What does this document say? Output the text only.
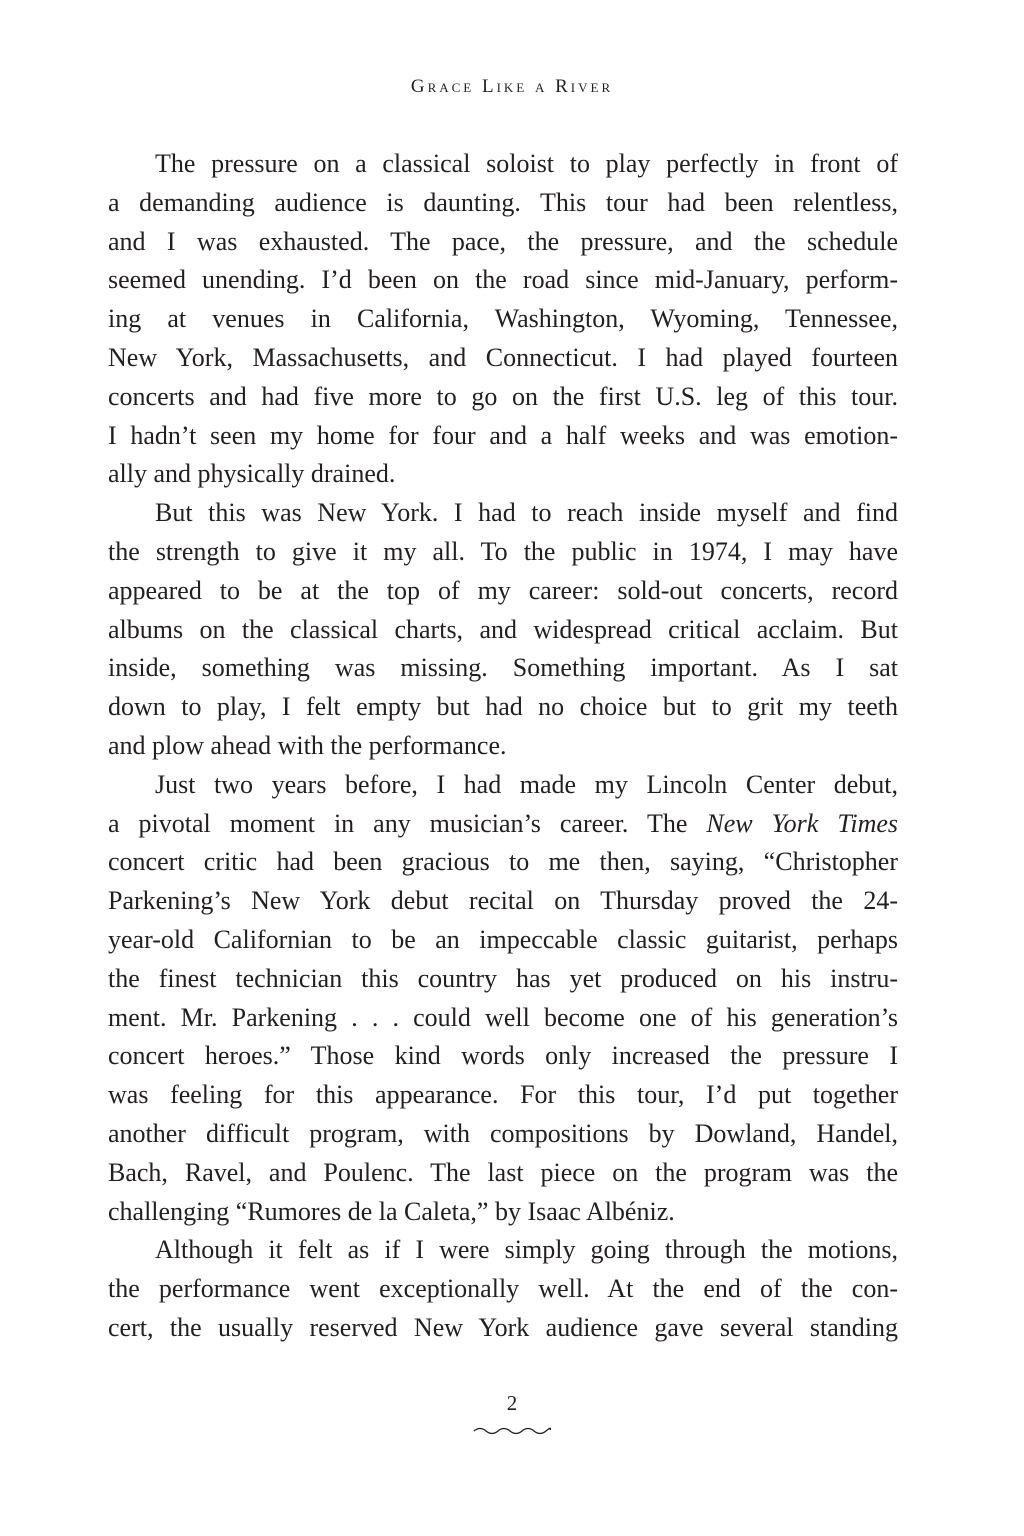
Grace Like a River
The pressure on a classical soloist to play perfectly in front of
a demanding audience is daunting. This tour had been relentless,
and I was exhausted. The pace, the pressure, and the schedule
seemed unending. I’d been on the road since mid-January, perform-
ing at venues in California, Washington, Wyoming, Tennessee,
New York, Massachusetts, and Connecticut. I had played fourteen
concerts and had five more to go on the first U.S. leg of this tour.
I hadn’t seen my home for four and a half weeks and was emotion-
ally and physically drained.
But this was New York. I had to reach inside myself and find
the strength to give it my all. To the public in 1974, I may have
appeared to be at the top of my career: sold-out concerts, record
albums on the classical charts, and widespread critical acclaim. But
inside, something was missing. Something important. As I sat
down to play, I felt empty but had no choice but to grit my teeth
and plow ahead with the performance.
Just two years before, I had made my Lincoln Center debut,
a pivotal moment in any musician’s career. The New York Times
concert critic had been gracious to me then, saying, “Christopher
Parkening’s New York debut recital on Thursday proved the 24-
year-old Californian to be an impeccable classic guitarist, perhaps
the finest technician this country has yet produced on his instru-
ment. Mr. Parkening . . . could well become one of his generation’s
concert heroes.” Those kind words only increased the pressure I
was feeling for this appearance. For this tour, I’d put together
another difficult program, with compositions by Dowland, Handel,
Bach, Ravel, and Poulenc. The last piece on the program was the
challenging “Rumores de la Caleta,” by Isaac Albéniz.
Although it felt as if I were simply going through the motions,
the performance went exceptionally well. At the end of the con-
cert, the usually reserved New York audience gave several standing
2
